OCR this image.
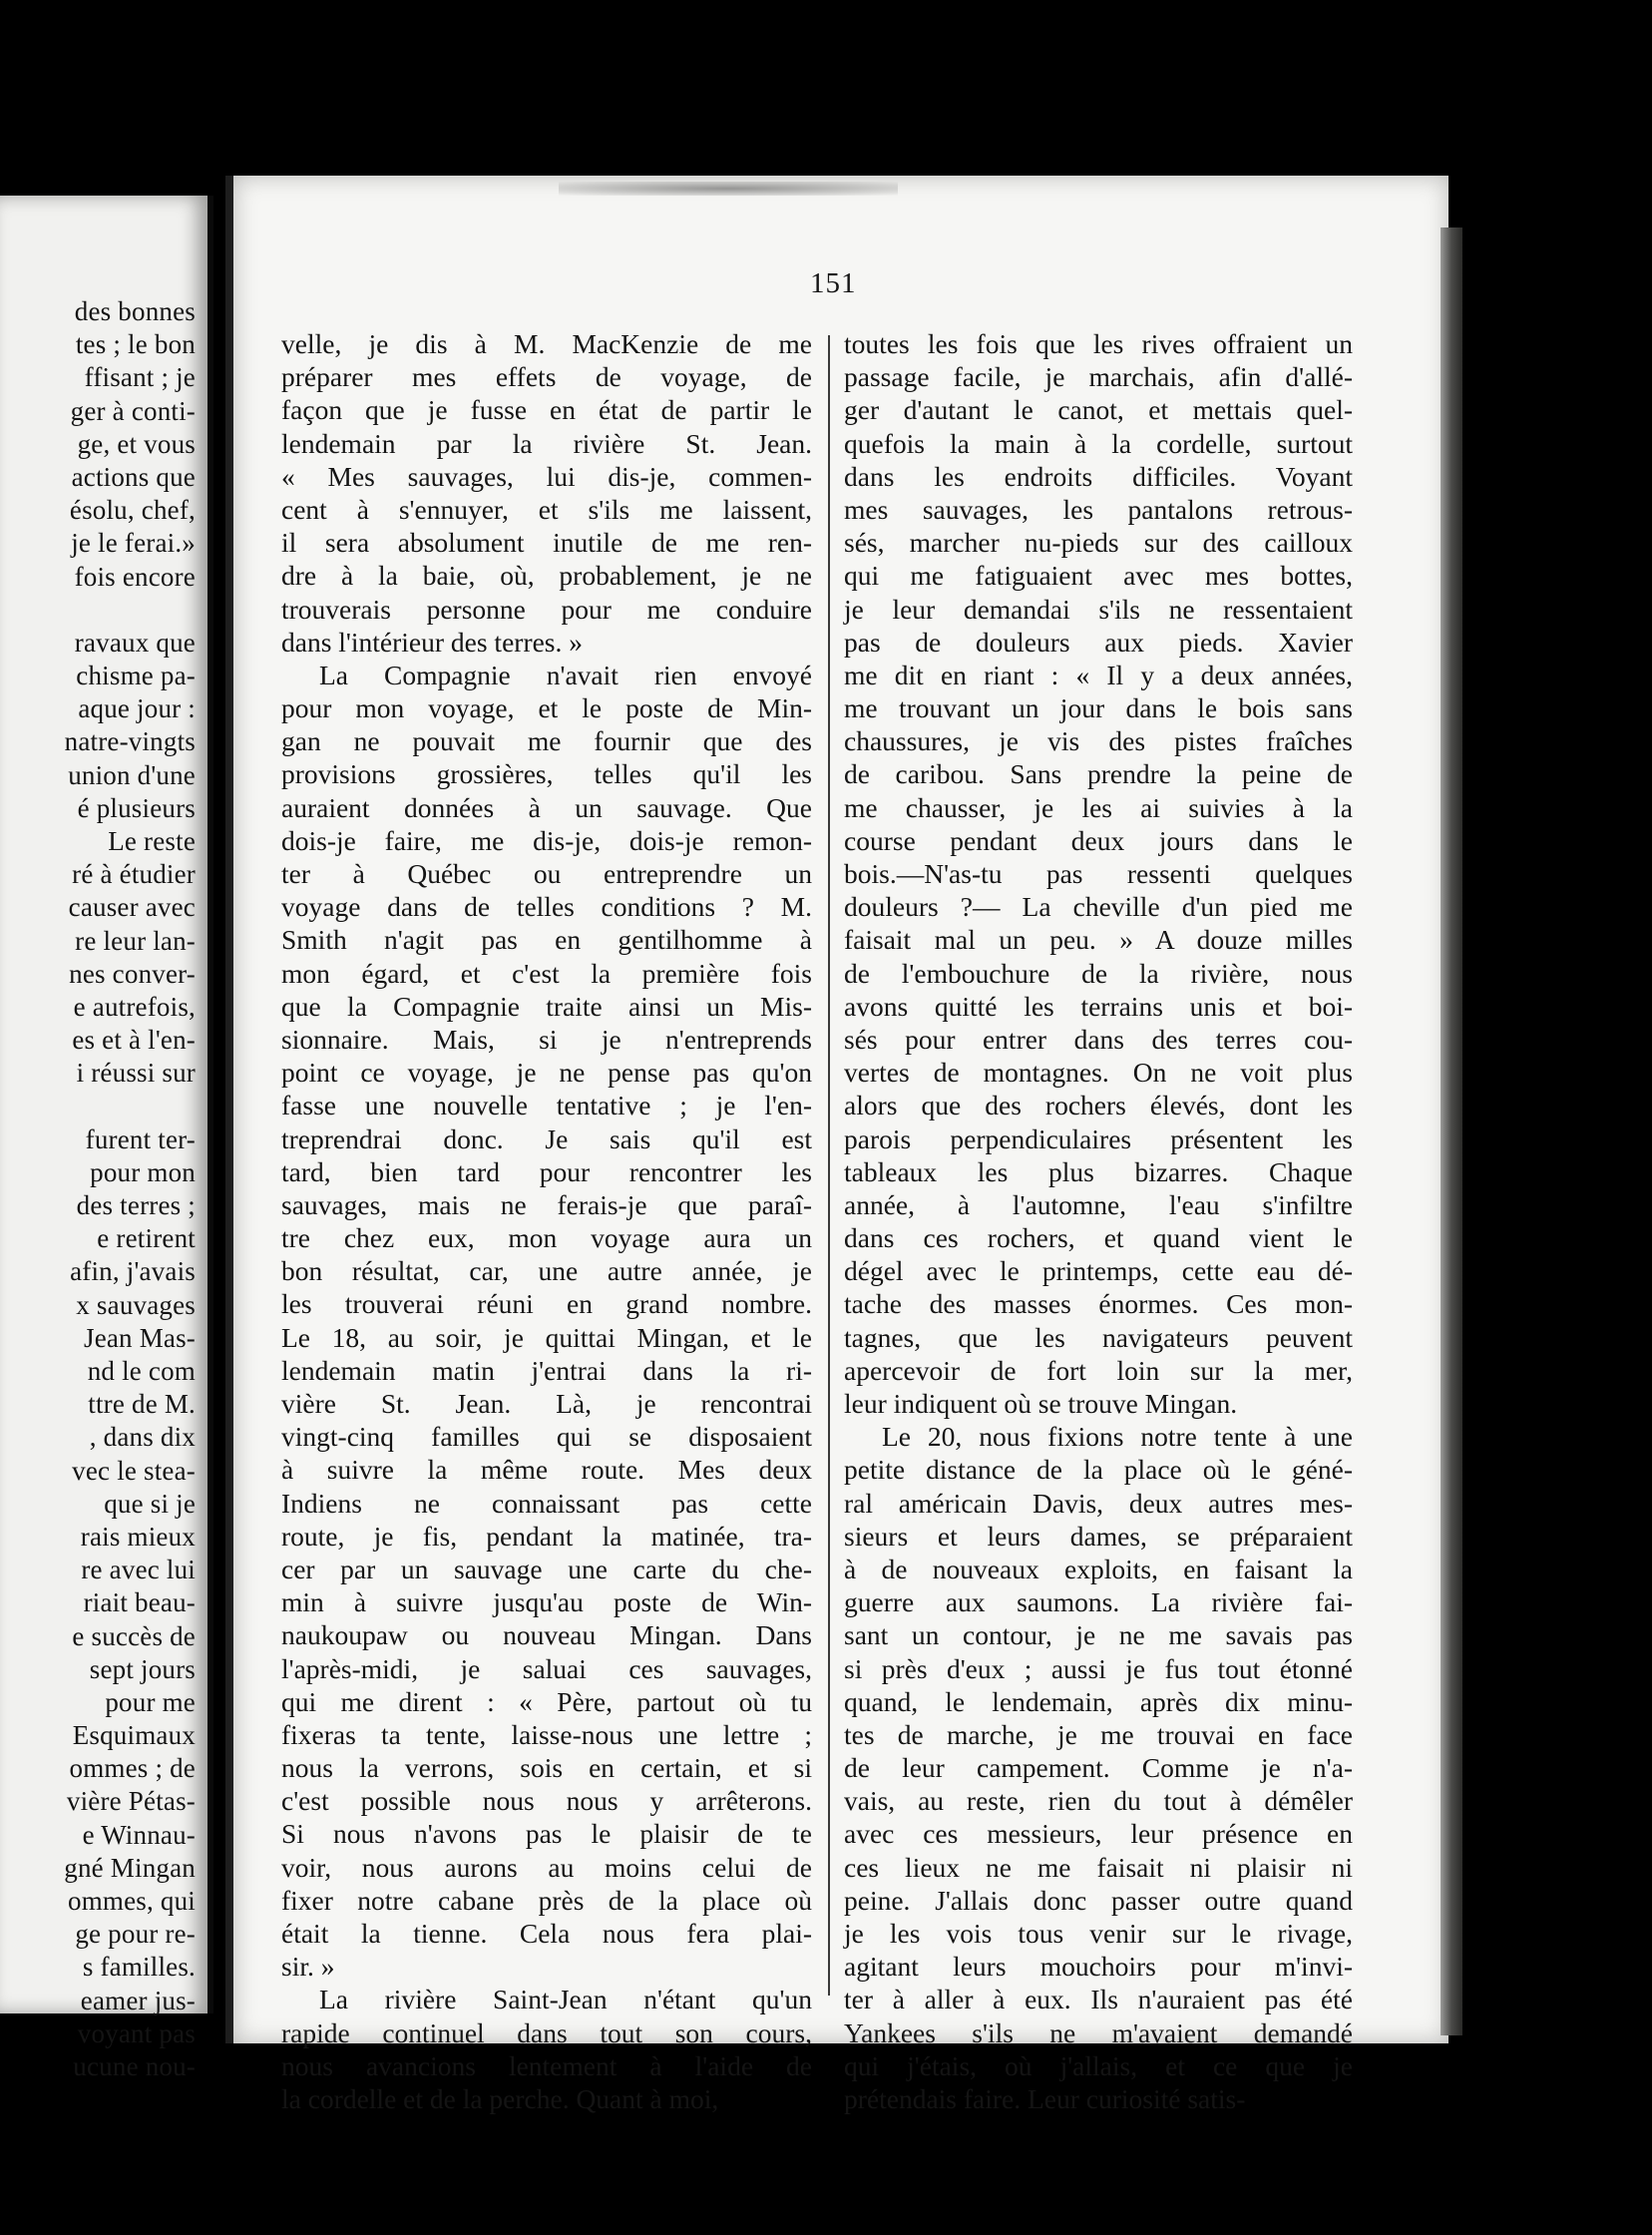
des bonnes
tes ; le bon
ffisant ; je
ger à conti-
ge, et vous
actions que
ésolu, chef,
je le ferai.»
fois encore
ravaux que
chisme pa-
aque jour :
natre-vingts
union d'une
é plusieurs
Le reste
ré à étudier
causer avec
re leur lan-
nes conver-
e autrefois,
es et à l'en-
i réussi sur
furent ter-
pour mon
des terres ;
e retirent
afin, j'avais
x sauvages
Jean Mas-
nd le com
ttre de M.
, dans dix
vec le stea-
que si je
rais mieux
re avec lui
riait beau-
e succès de
sept jours
pour me
Esquimaux
ommes ; de
vière Pétas-
e Winnau-
gné Mingan
ommes, qui
ge pour re-
s familles.
eamer jus-
voyant pas
ucune nou-
151
velle, je dis à M. MacKenzie de me
préparer mes effets de voyage, de
façon que je fusse en état de partir le
lendemain par la rivière St. Jean.
« Mes sauvages, lui dis-je, commen-
cent à s'ennuyer, et s'ils me laissent,
il sera absolument inutile de me ren-
dre à la baie, où, probablement, je ne
trouverais personne pour me conduire
dans l'intérieur des terres. »
La Compagnie n'avait rien envoyé
pour mon voyage, et le poste de Min-
gan ne pouvait me fournir que des
provisions grossières, telles qu'il les
auraient données à un sauvage. Que
dois-je faire, me dis-je, dois-je remon-
ter à Québec ou entreprendre un
voyage dans de telles conditions ? M.
Smith n'agit pas en gentilhomme à
mon égard, et c'est la première fois
que la Compagnie traite ainsi un Mis-
sionnaire. Mais, si je n'entreprends
point ce voyage, je ne pense pas qu'on
fasse une nouvelle tentative ; je l'en-
treprendrai donc. Je sais qu'il est
tard, bien tard pour rencontrer les
sauvages, mais ne ferais-je que paraî-
tre chez eux, mon voyage aura un
bon résultat, car, une autre année, je
les trouverai réuni en grand nombre.
Le 18, au soir, je quittai Mingan, et le
lendemain matin j'entrai dans la ri-
vière St. Jean. Là, je rencontrai
vingt-cinq familles qui se disposaient
à suivre la même route. Mes deux
Indiens ne connaissant pas cette
route, je fis, pendant la matinée, tra-
cer par un sauvage une carte du che-
min à suivre jusqu'au poste de Win-
naukoupaw ou nouveau Mingan. Dans
l'après-midi, je saluai ces sauvages,
qui me dirent : « Père, partout où tu
fixeras ta tente, laisse-nous une lettre ;
nous la verrons, sois en certain, et si
c'est possible nous nous y arrêterons.
Si nous n'avons pas le plaisir de te
voir, nous aurons au moins celui de
fixer notre cabane près de la place où
était la tienne. Cela nous fera plai-
sir. »
La rivière Saint-Jean n'étant qu'un
rapide continuel dans tout son cours,
nous avancions lentement à l'aide de
la cordelle et de la perche. Quant à moi,
toutes les fois que les rives offraient un
passage facile, je marchais, afin d'allé-
ger d'autant le canot, et mettais quel-
quefois la main à la cordelle, surtout
dans les endroits difficiles. Voyant
mes sauvages, les pantalons retrous-
sés, marcher nu-pieds sur des cailloux
qui me fatiguaient avec mes bottes,
je leur demandai s'ils ne ressentaient
pas de douleurs aux pieds. Xavier
me dit en riant : « Il y a deux années,
me trouvant un jour dans le bois sans
chaussures, je vis des pistes fraîches
de caribou. Sans prendre la peine de
me chausser, je les ai suivies à la
course pendant deux jours dans le
bois.—N'as-tu pas ressenti quelques
douleurs ?— La cheville d'un pied me
faisait mal un peu. » A douze milles
de l'embouchure de la rivière, nous
avons quitté les terrains unis et boi-
sés pour entrer dans des terres cou-
vertes de montagnes. On ne voit plus
alors que des rochers élevés, dont les
parois perpendiculaires présentent les
tableaux les plus bizarres. Chaque
année, à l'automne, l'eau s'infiltre
dans ces rochers, et quand vient le
dégel avec le printemps, cette eau dé-
tache des masses énormes. Ces mon-
tagnes, que les navigateurs peuvent
apercevoir de fort loin sur la mer,
leur indiquent où se trouve Mingan.
Le 20, nous fixions notre tente à une
petite distance de la place où le géné-
ral américain Davis, deux autres mes-
sieurs et leurs dames, se préparaient
à de nouveaux exploits, en faisant la
guerre aux saumons. La rivière fai-
sant un contour, je ne me savais pas
si près d'eux ; aussi je fus tout étonné
quand, le lendemain, après dix minu-
tes de marche, je me trouvai en face
de leur campement. Comme je n'a-
vais, au reste, rien du tout à démêler
avec ces messieurs, leur présence en
ces lieux ne me faisait ni plaisir ni
peine. J'allais donc passer outre quand
je les vois tous venir sur le rivage,
agitant leurs mouchoirs pour m'invi-
ter à aller à eux. Ils n'auraient pas été
Yankees s'ils ne m'avaient demandé
qui j'étais, où j'allais, et ce que je
prétendais faire. Leur curiosité satis-
